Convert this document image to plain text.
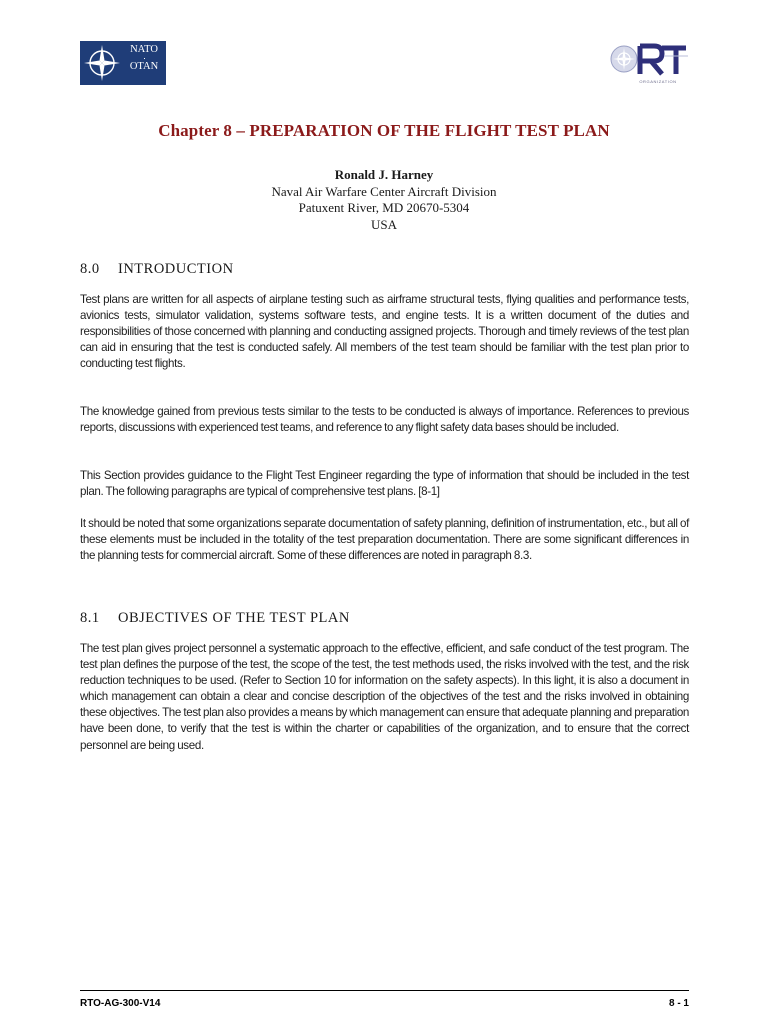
NATO
OTAN
ORGANIZATION
Chapter 8 – PREPARATION OF THE FLIGHT TEST PLAN
Ronald J. Harney
Naval Air Warfare Center Aircraft Division
Patuxent River, MD 20670-5304
USA
8.0 INTRODUCTION

Test plans are written for all aspects of airplane testing such as airframe structural tests, flying qualities and performance tests, avionics tests, simulator validation, systems software tests, and engine tests. It is a written document of the duties and responsibilities of those concerned with planning and conducting assigned projects. Thorough and timely reviews of the test plan can aid in ensuring that the test is conducted safely. All members of the test team should be familiar with the test plan prior to conducting test flights.

The knowledge gained from previous tests similar to the tests to be conducted is always of importance. References to previous reports, discussions with experienced test teams, and reference to any flight safety data bases should be included.

This Section provides guidance to the Flight Test Engineer regarding the type of information that should be included in the test plan. The following paragraphs are typical of comprehensive test plans. [8-1]

It should be noted that some organizations separate documentation of safety planning, definition of instrumentation, etc., but all of these elements must be included in the totality of the test preparation documentation. There are some significant differences in the planning tests for commercial aircraft. Some of these differences are noted in paragraph 8.3.

8.1 OBJECTIVES OF THE TEST PLAN

The test plan gives project personnel a systematic approach to the effective, efficient, and safe conduct of the test program. The test plan defines the purpose of the test, the scope of the test, the test methods used, the risks involved with the test, and the risk reduction techniques to be used. (Refer to Section 10 for information on the safety aspects). In this light, it is also a document in which management can obtain a clear and concise description of the objectives of the test and the risks involved in obtaining these objectives. The test plan also provides a means by which management can ensure that adequate planning and preparation have been done, to verify that the test is within the charter or capabilities of the organization, and to ensure that the correct personnel are being used.

RTO-AG-300-V14	8 - 1
